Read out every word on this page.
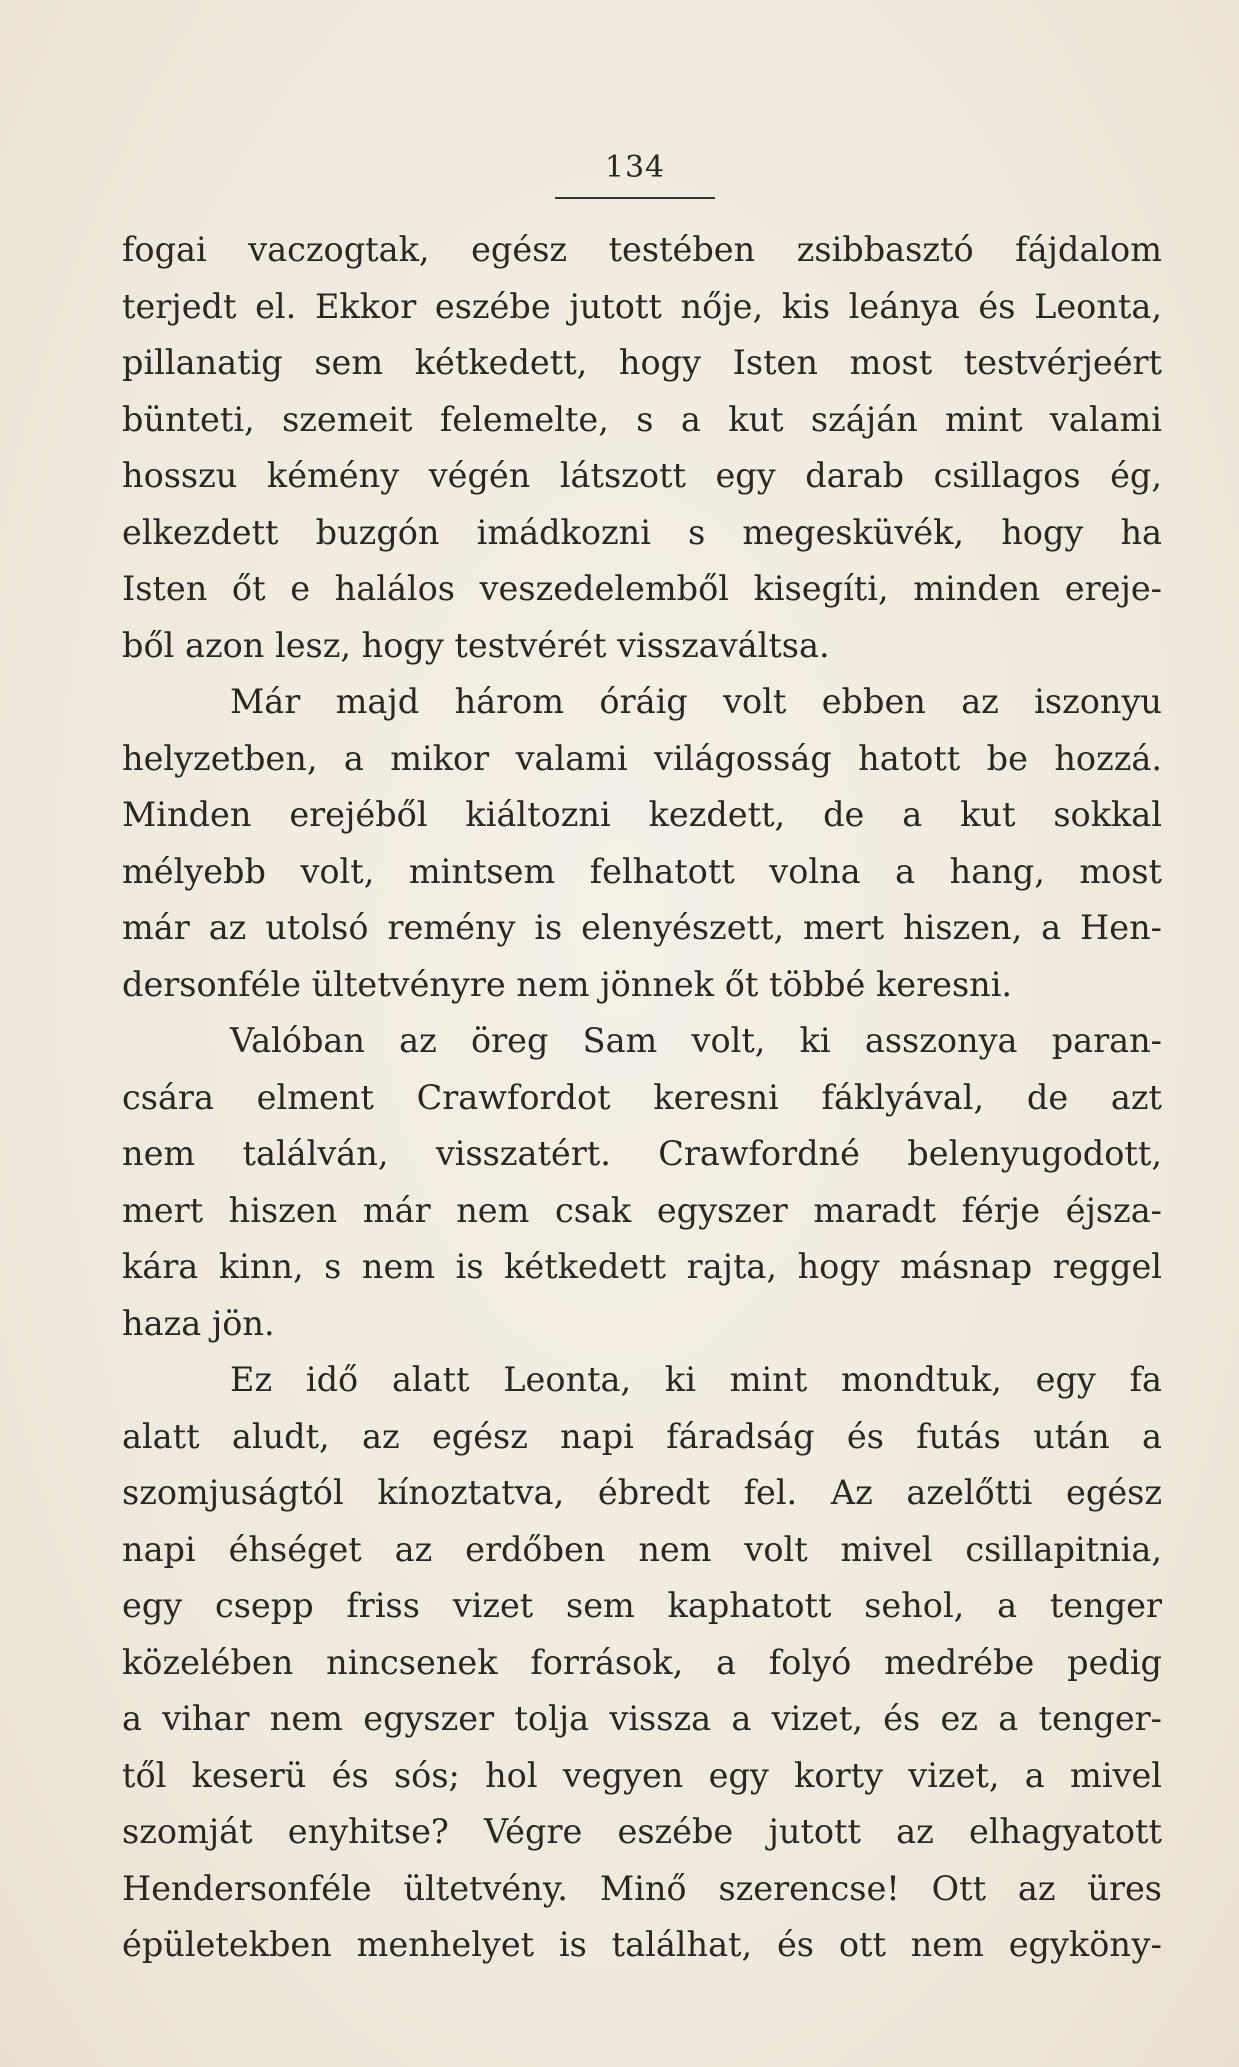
134
fogai vaczogtak, egész testében zsibbasztó fájdalom
terjedt el. Ekkor eszébe jutott nője, kis leánya és Leonta,
pillanatig sem kétkedett, hogy Isten most testvérjeért
bünteti, szemeit felemelte, s a kut száján mint valami
hosszu kémény végén látszott egy darab csillagos ég,
elkezdett buzgón imádkozni s megesküvék, hogy ha
Isten őt e halálos veszedelemből kisegíti, minden ereje-
ből azon lesz, hogy testvérét visszaváltsa.
Már majd három óráig volt ebben az iszonyu
helyzetben, a mikor valami világosság hatott be hozzá.
Minden erejéből kiáltozni kezdett, de a kut sokkal
mélyebb volt, mintsem felhatott volna a hang, most
már az utolsó remény is elenyészett, mert hiszen, a Hen-
dersonféle ültetvényre nem jönnek őt többé keresni.
Valóban az öreg Sam volt, ki asszonya paran-
csára elment Crawfordot keresni fáklyával, de azt
nem találván, visszatért. Crawfordné belenyugodott,
mert hiszen már nem csak egyszer maradt férje éjsza-
kára kinn, s nem is kétkedett rajta, hogy másnap reggel
haza jön.
Ez idő alatt Leonta, ki mint mondtuk, egy fa
alatt aludt, az egész napi fáradság és futás után a
szomjuságtól kínoztatva, ébredt fel. Az azelőtti egész
napi éhséget az erdőben nem volt mivel csillapitnia,
egy csepp friss vizet sem kaphatott sehol, a tenger
közelében nincsenek források, a folyó medrébe pedig
a vihar nem egyszer tolja vissza a vizet, és ez a tenger-
től keserü és sós; hol vegyen egy korty vizet, a mivel
szomját enyhitse? Végre eszébe jutott az elhagyatott
Hendersonféle ültetvény. Minő szerencse! Ott az üres
épületekben menhelyet is találhat, és ott nem egykönу-
